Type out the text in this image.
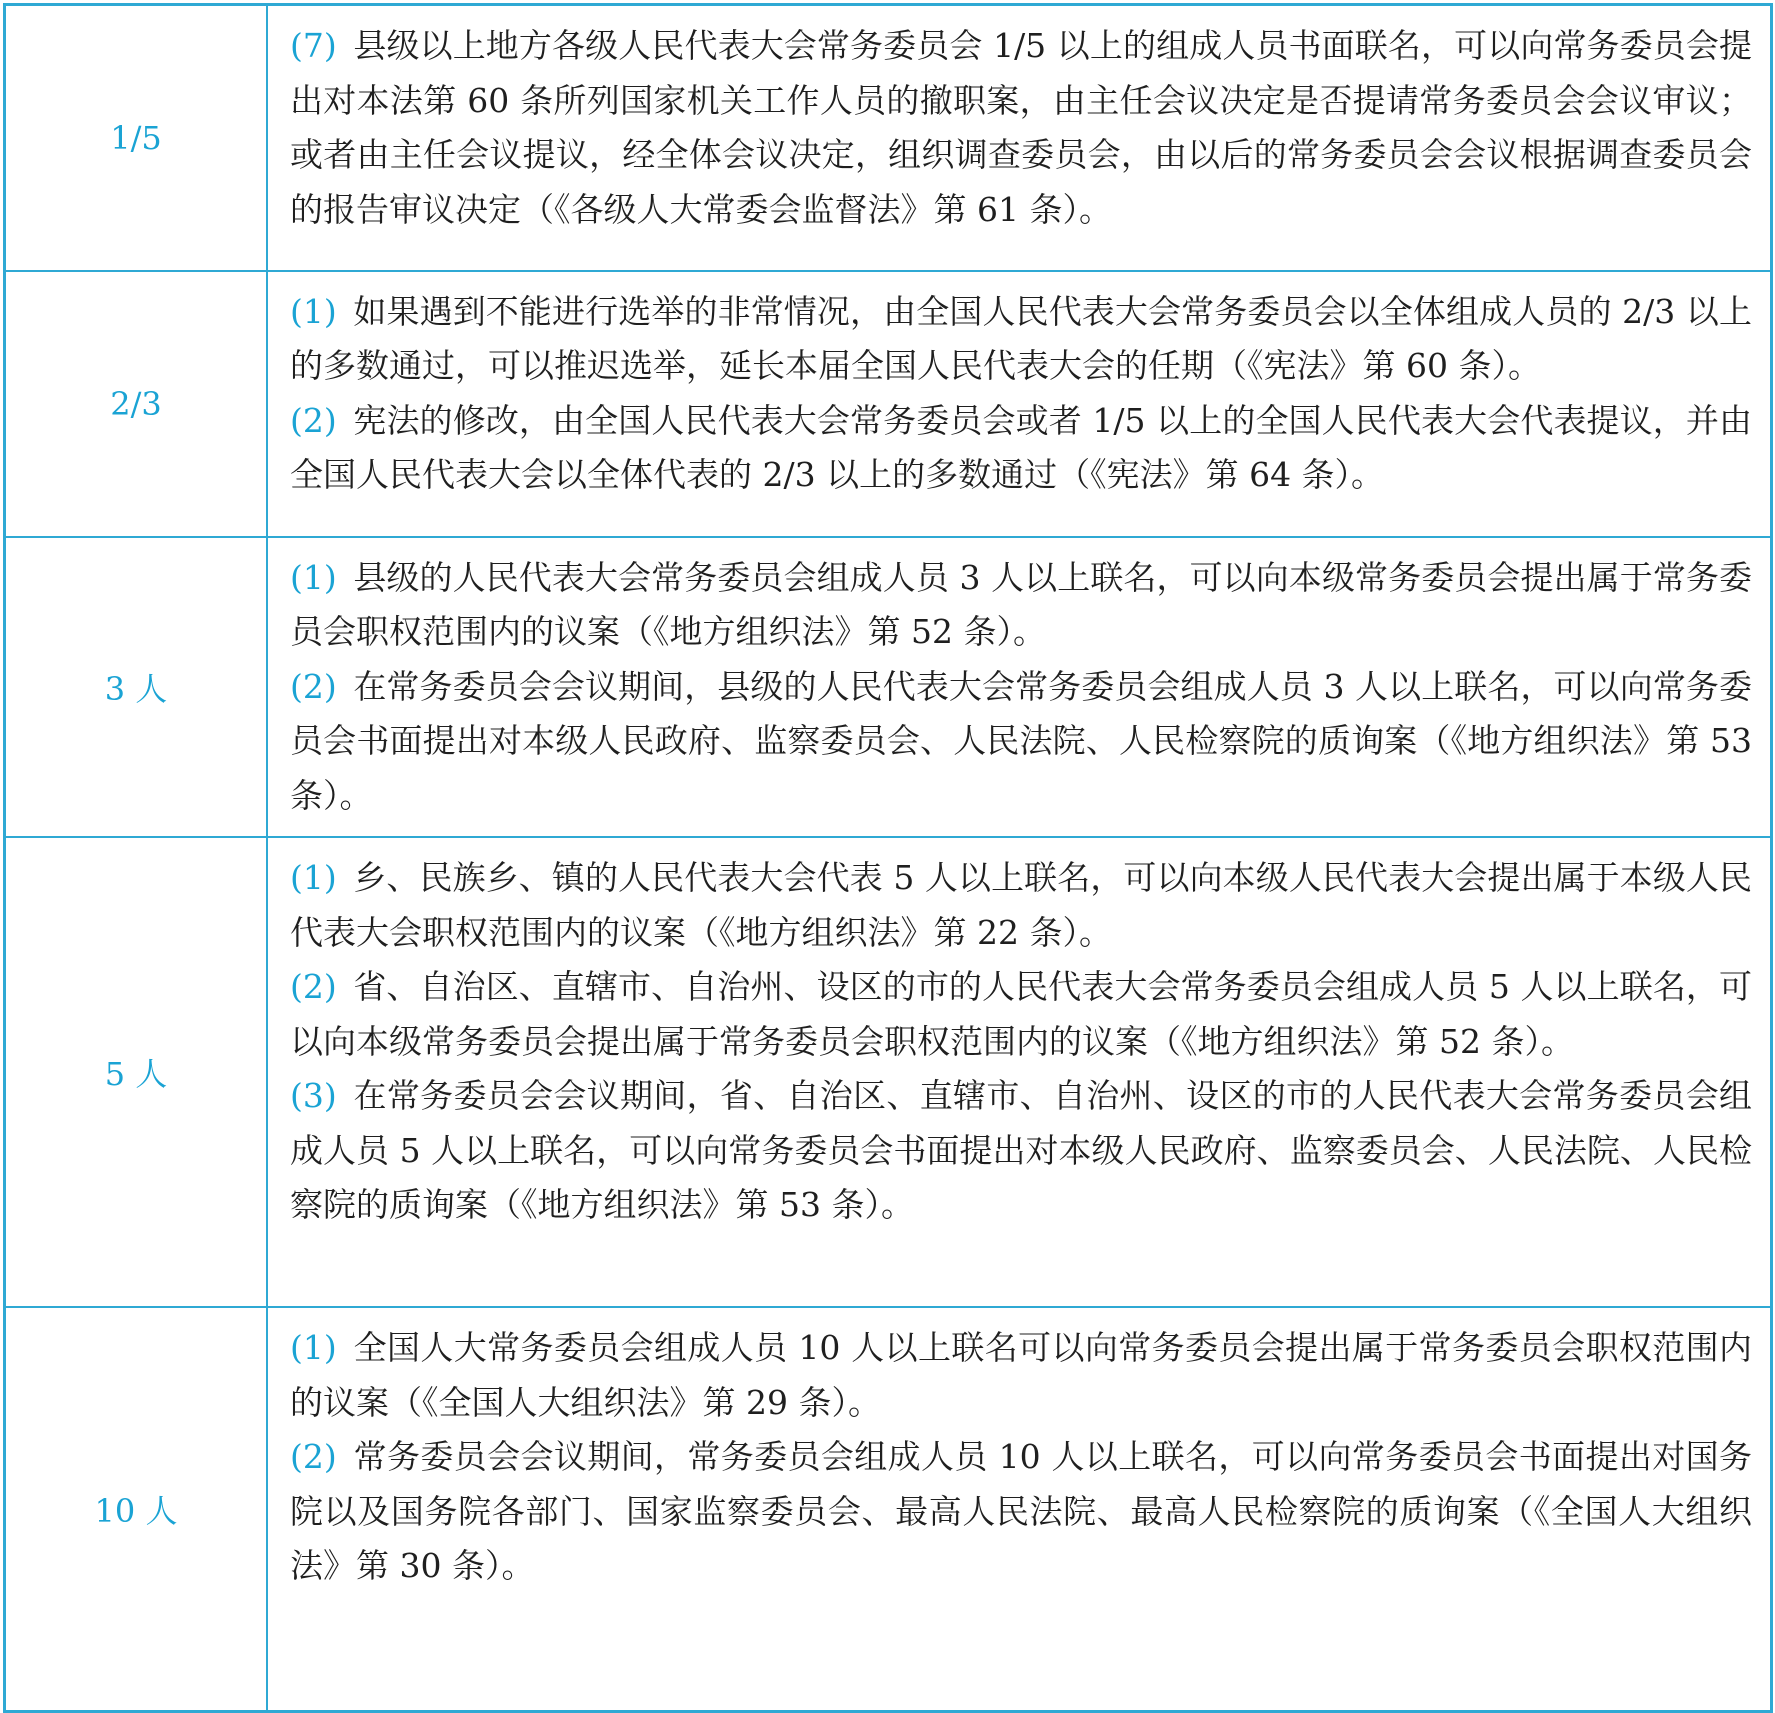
1/5	(7)  县级以上地方各级人民代表大会常务委员会 1/5 以上的组成人员书面联名，可以向常务委员会提出对本法第 60 条所列国家机关工作人员的撤职案，由主任会议决定是否提请常务委员会会议审议；或者由主任会议提议，经全体会议决定，组织调查委员会，由以后的常务委员会会议根据调查委员会的报告审议决定（《各级人大常委会监督法》第 61 条）。

2/3	(1)  如果遇到不能进行选举的非常情况，由全国人民代表大会常务委员会以全体组成人员的 2/3 以上的多数通过，可以推迟选举，延长本届全国人民代表大会的任期（《宪法》第 60 条）。

(2)  宪法的修改，由全国人民代表大会常务委员会或者 1/5 以上的全国人民代表大会代表提议，并由全国人民代表大会以全体代表的 2/3 以上的多数通过（《宪法》第 64 条）。

3 人	(1)  县级的人民代表大会常务委员会组成人员 3 人以上联名，可以向本级常务委员会提出属于常务委员会职权范围内的议案（《地方组织法》第 52 条）。

(2)  在常务委员会会议期间，县级的人民代表大会常务委员会组成人员 3 人以上联名，可以向常务委员会书面提出对本级人民政府、监察委员会、人民法院、人民检察院的质询案（《地方组织法》第 53 条）。

5 人	(1)  乡、民族乡、镇的人民代表大会代表 5 人以上联名，可以向本级人民代表大会提出属于本级人民代表大会职权范围内的议案（《地方组织法》第 22 条）。

(2)  省、自治区、直辖市、自治州、设区的市的人民代表大会常务委员会组成人员 5 人以上联名，可以向本级常务委员会提出属于常务委员会职权范围内的议案（《地方组织法》第 52 条）。

(3)  在常务委员会会议期间，省、自治区、直辖市、自治州、设区的市的人民代表大会常务委员会组成人员 5 人以上联名，可以向常务委员会书面提出对本级人民政府、监察委员会、人民法院、人民检察院的质询案（《地方组织法》第 53 条）。

10 人	(1)  全国人大常务委员会组成人员 10 人以上联名可以向常务委员会提出属于常务委员会职权范围内的议案（《全国人大组织法》第 29 条）。

(2)  常务委员会会议期间，常务委员会组成人员 10 人以上联名，可以向常务委员会书面提出对国务院以及国务院各部门、国家监察委员会、最高人民法院、最高人民检察院的质询案（《全国人大组织法》第 30 条）。
